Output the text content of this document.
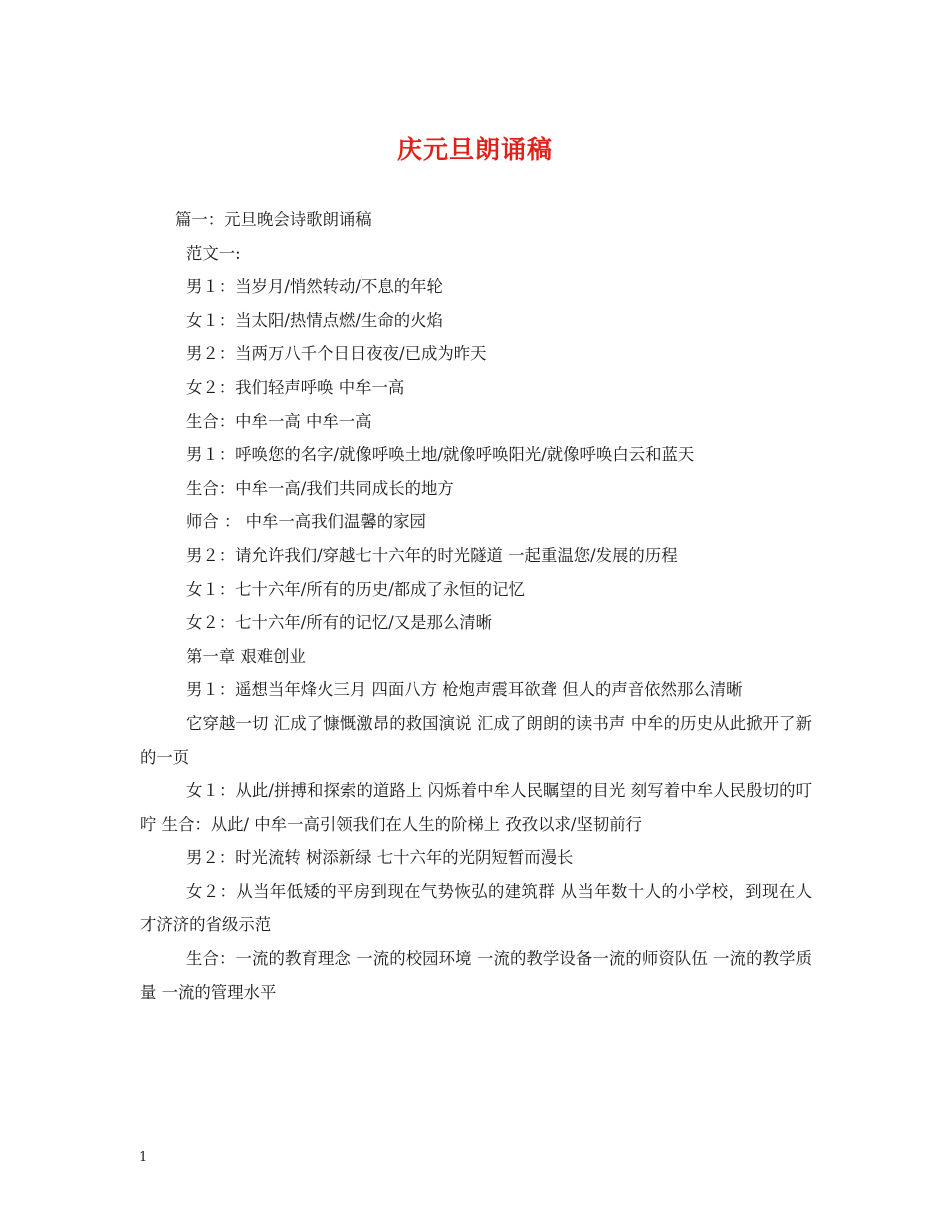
庆元旦朗诵稿

篇一：元旦晚会诗歌朗诵稿

范文一:

男１：当岁月/悄然转动/不息的年轮

女１：当太阳/热情点燃/生命的火焰

男２：当两万八千个日日夜夜/已成为昨天

女２：我们轻声呼唤 中牟一高

生合：中牟一高 中牟一高

男１：呼唤您的名字/就像呼唤土地/就像呼唤阳光/就像呼唤白云和蓝天

生合：中牟一高/我们共同成长的地方

师合 ： 中牟一高我们温馨的家园

男２：请允许我们/穿越七十六年的时光隧道 一起重温您/发展的历程

女１：七十六年/所有的历史/都成了永恒的记忆

女２：七十六年/所有的记忆/又是那么清晰

第一章 艰难创业

男１：遥想当年烽火三月 四面八方 枪炮声震耳欲聋 但人的声音依然那么清晰

它穿越一切 汇成了慷慨激昂的救国演说 汇成了朗朗的读书声 中牟的历史从此掀开了新的一页

女１：从此/拼搏和探索的道路上 闪烁着中牟人民瞩望的目光 刻写着中牟人民殷切的叮咛 生合：从此/ 中牟一高引领我们在人生的阶梯上 孜孜以求/坚韧前行

男２：时光流转 树添新绿 七十六年的光阴短暂而漫长

女２：从当年低矮的平房到现在气势恢弘的建筑群 从当年数十人的小学校，到现在人才济济的省级示范

生合：一流的教育理念 一流的校园环境 一流的教学设备一流的师资队伍 一流的教学质量 一流的管理水平

1
